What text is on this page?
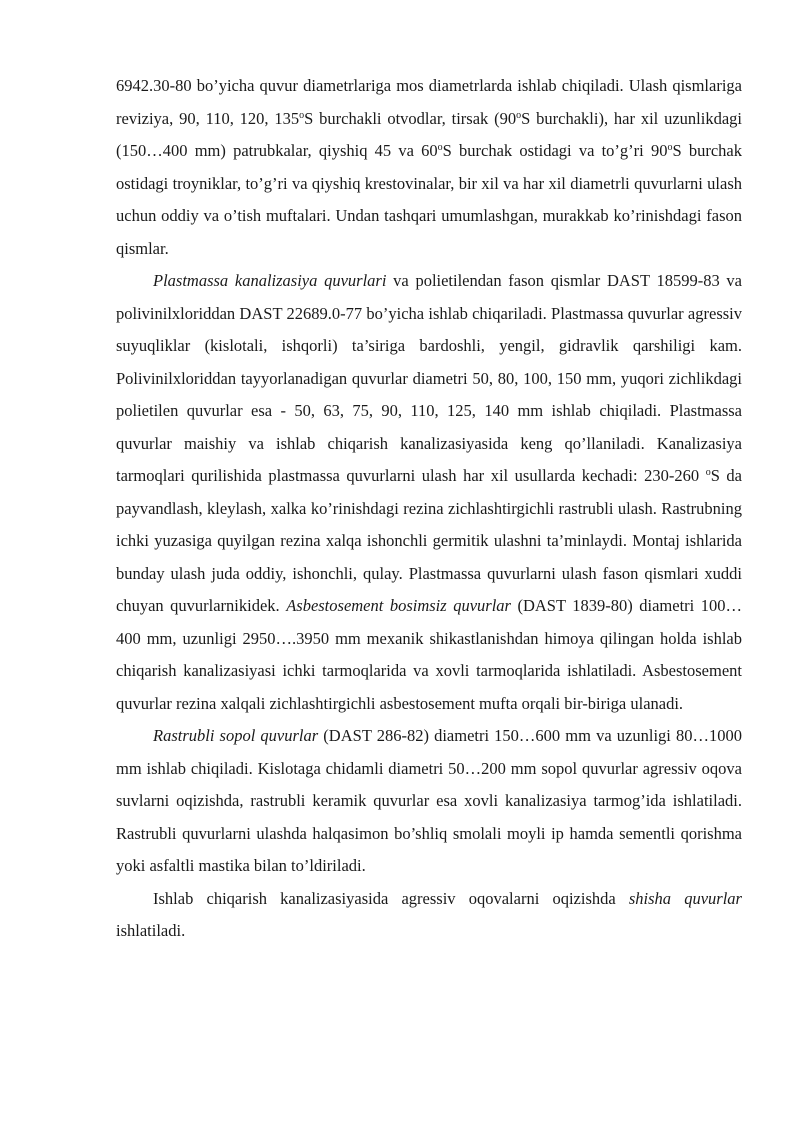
6942.30-80 bo’yicha quvur diametrlariga mos diametrlarda ishlab chiqiladi. Ulash qismlariga reviziya, 90, 110, 120, 135$^o$S burchakli otvodlar, tirsak (90$^o$S burchakli), har xil uzunlikdagi (150…400 mm) patrubkalar, qiyshiq 45 va 60$^o$S burchak ostidagi va to’g’ri 90$^o$S burchak ostidagi troyniklar, to’g’ri va qiyshiq krestovinalar, bir xil va har xil diametrli quvurlarni ulash uchun oddiy va o’tish muftalari. Undan tashqari umumlashgan, murakkab ko’rinishdagi fason qismlar.

Plastmassa kanalizasiya quvurlari va polietilendan fason qismlar DAST 18599-83 va polivinilxloriddan DAST 22689.0-77 bo’yicha ishlab chiqariladi. Plastmassa quvurlar agressiv suyuqliklar (kislotali, ishqorli) ta’siriga bardoshli, yengil, gidravlik qarshiligi kam. Polivinilxloriddan tayyorlanadigan quvurlar diametri 50, 80, 100, 150 mm, yuqori zichlikdagi polietilen quvurlar esa - 50, 63, 75, 90, 110, 125, 140 mm ishlab chiqiladi. Plastmassa quvurlar maishiy va ishlab chiqarish kanalizasiyasida keng qo’llaniladi. Kanalizasiya tarmoqlari qurilishida plastmassa quvurlarni ulash har xil usullarda kechadi: 230-260 $^o$S da payvandlash, kleylash, xalka ko’rinishdagi rezina zichlashtirgichli rastrubli ulash. Rastrubning ichki yuzasiga quyilgan rezina xalqa ishonchli germitik ulashni ta’minlaydi. Montaj ishlarida bunday ulash juda oddiy, ishonchli, qulay. Plastmassa quvurlarni ulash fason qismlari xuddi chuyan quvurlarnikidek. Asbestosement bosimsiz quvurlar (DAST 1839-80) diametri 100…400 mm, uzunligi 2950….3950 mm mexanik shikastlanishdan himoya qilingan holda ishlab chiqarish kanalizasiyasi ichki tarmoqlarida va xovli tarmoqlarida ishlatiladi. Asbestosement quvurlar rezina xalqali zichlashtirgichli asbestosement mufta orqali bir-biriga ulanadi.

Rastrubli sopol quvurlar (DAST 286-82) diametri 150…600 mm va uzunligi 80…1000 mm ishlab chiqiladi. Kislotaga chidamli diametri 50…200 mm sopol quvurlar agressiv oqova suvlarni oqizishda, rastrubli keramik quvurlar esa xovli kanalizasiya tarmog’ida ishlatiladi. Rastrubli quvurlarni ulashda halqasimon bo’shliq smolali moyli ip hamda sementli qorishma yoki asfaltli mastika bilan to’ldiriladi.

Ishlab chiqarish kanalizasiyasida agressiv oqovalarni oqizishda shisha quvurlar ishlatiladi.
